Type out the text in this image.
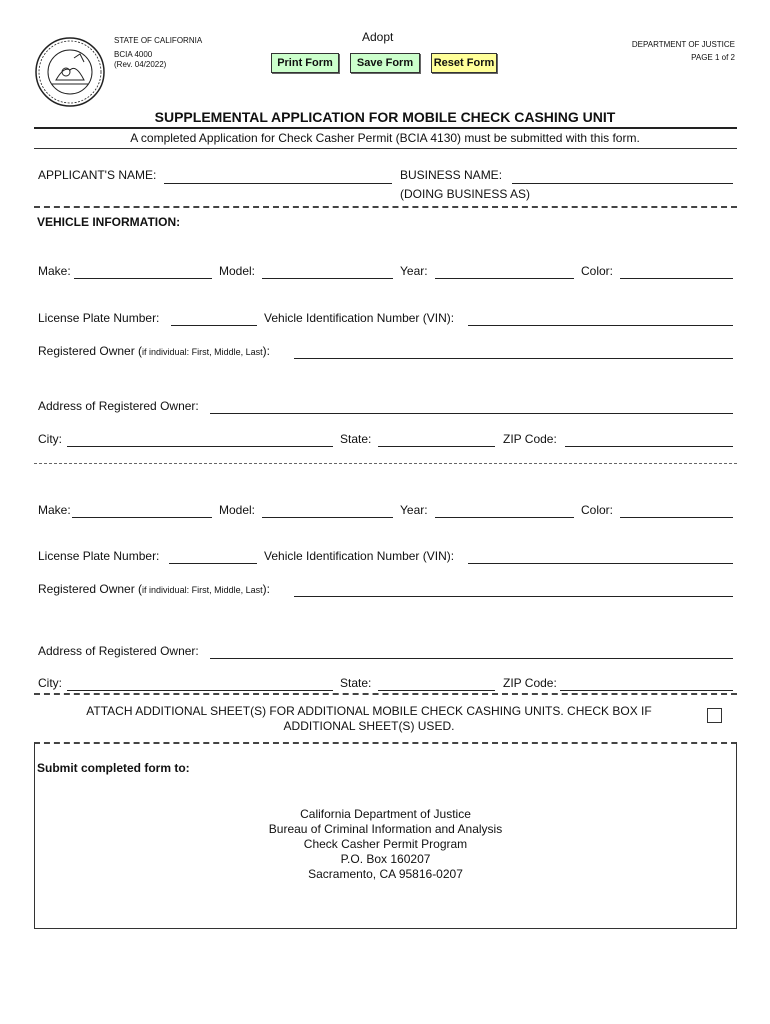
STATE OF CALIFORNIA
BCIA 4000
(Rev. 04/2022)
Adopt
DEPARTMENT OF JUSTICE
PAGE 1 of 2
Print Form	Save Form	Reset Form
SUPPLEMENTAL APPLICATION FOR MOBILE CHECK CASHING UNIT
A completed Application for Check Casher Permit (BCIA 4130) must be submitted with this form.
APPLICANT'S NAME:	BUSINESS NAME:
(DOING BUSINESS AS)
VEHICLE INFORMATION:
Make:	Model:	Year:	Color:
License Plate Number:	Vehicle Identification Number (VIN):
Registered Owner (if individual: First, Middle, Last):
Address of Registered Owner:
City:	State:	ZIP Code:
Make:	Model:	Year:	Color:
License Plate Number:	Vehicle Identification Number (VIN):
Registered Owner (if individual: First, Middle, Last):
Address of Registered Owner:
City:	State:	ZIP Code:
ATTACH ADDITIONAL SHEET(S) FOR ADDITIONAL MOBILE CHECK CASHING UNITS. CHECK BOX IF
ADDITIONAL SHEET(S) USED.
Submit completed form to:
California Department of Justice
Bureau of Criminal Information and Analysis
Check Casher Permit Program
P.O. Box 160207
Sacramento, CA 95816-0207
